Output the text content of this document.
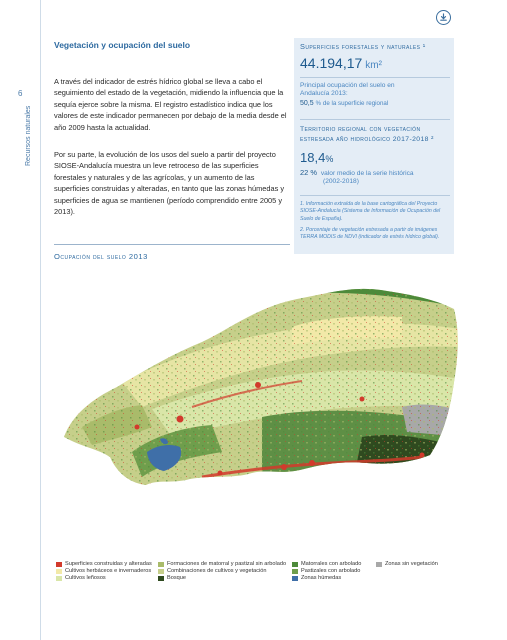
6
Recursos naturales
Vegetación y ocupación del suelo

A través del indicador de estrés hídrico global se lleva a cabo el seguimiento del estado de la vegetación, midiendo la influencia que la sequía ejerce sobre la misma. El registro estadístico indica que los valores de este indicador permanecen por debajo de la media desde el año 2009 hasta la actualidad.

Por su parte, la evolución de los usos del suelo a partir del proyecto SIOSE-Andalucía muestra un leve retroceso de las superficies forestales y naturales y de las agrícolas, y un aumento de las superficies construidas y alteradas, en tanto que las zonas húmedas y superficies de agua se mantienen (período comprendido entre 2005 y 2013).

Ocupación del suelo 2013
Superficies forestales y naturales ¹
44.194,17 km²
Principal ocupación del suelo en
Andalucía 2013:
50,5 % de la superficie regional
Territorio regional con vegetación estresada año hidrológico 2017-2018 ²
18,4%
22 % valor medio de la serie histórica
(2002-2018)

1. Información extraída de la base cartográfica del Proyecto SIOSE-Andalucía (Sistema de Información de Ocupación del Suelo de España).

2. Porcentaje de vegetación estresada a partir de imágenes TERRA MODIS de NDVI (indicador de estrés hídrico global).

Superficies construidas y alteradas
Cultivos herbáceos e invernaderos
Cultivos leñosos
Formaciones de matorral y pastizal sin arbolado
Combinaciones de cultivos y vegetación
Bosque
Matorrales con arbolado
Pastizales con arbolado
Zonas húmedas
Zonas sin vegetación
